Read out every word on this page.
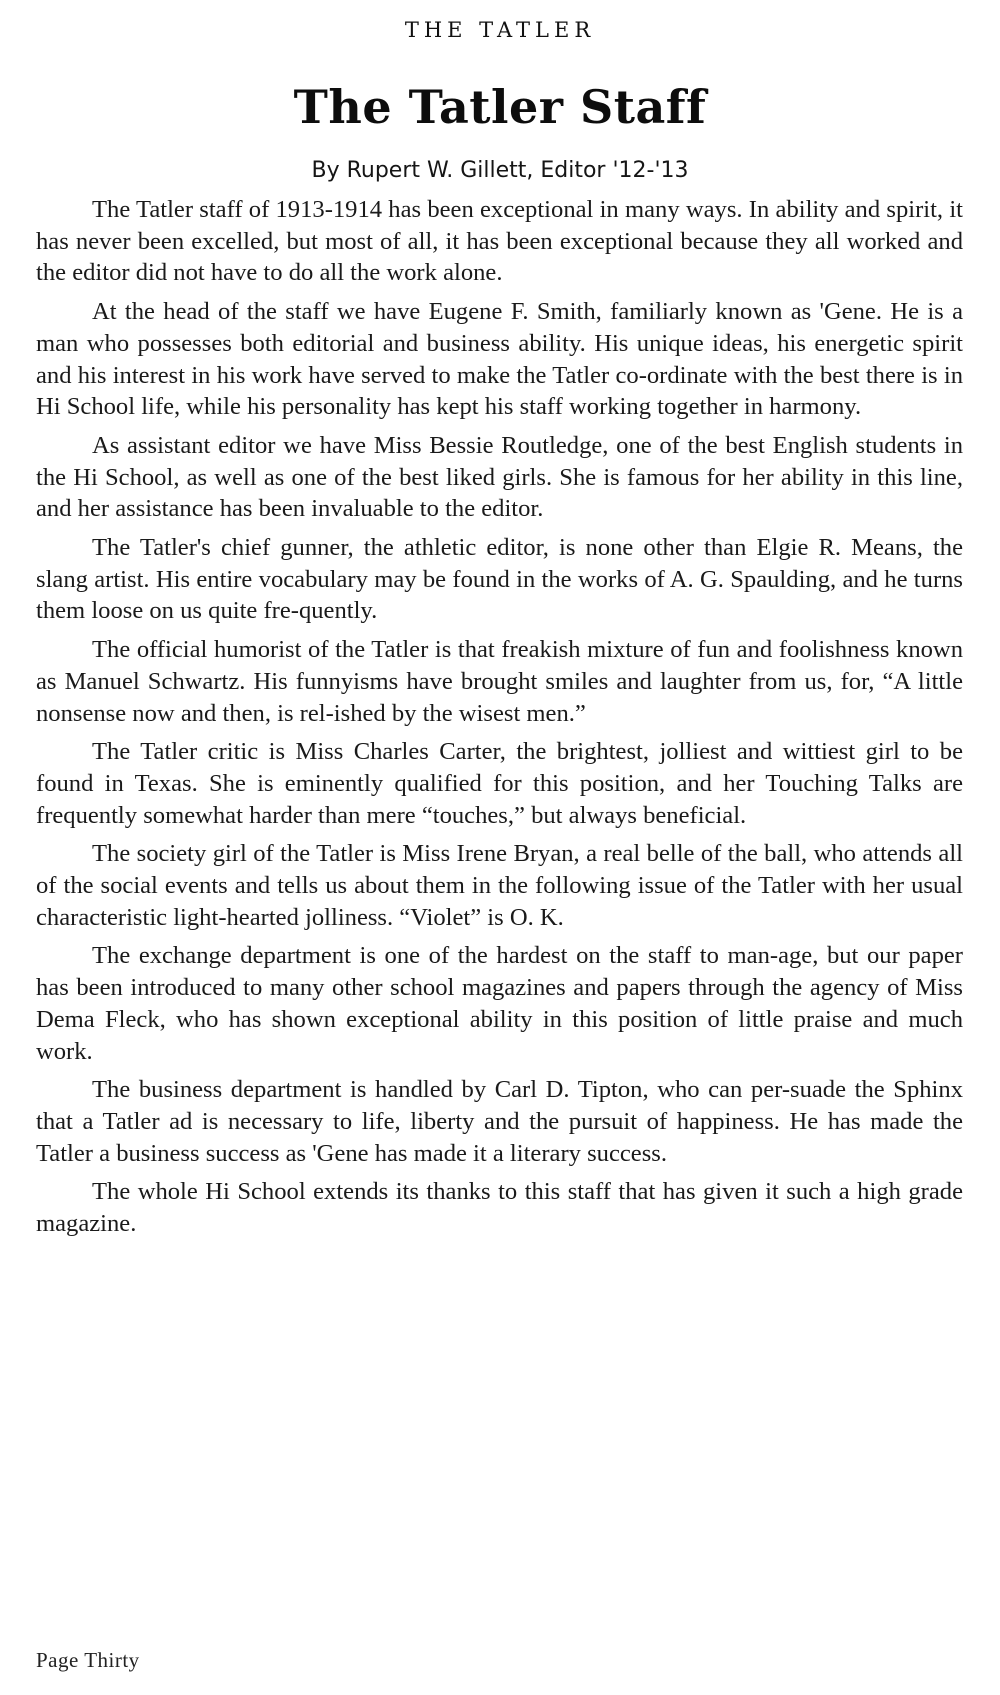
THE TATLER
The Tatler Staff
By Rupert W. Gillett, Editor '12-'13

The Tatler staff of 1913-1914 has been exceptional in many ways. In ability and spirit, it has never been excelled, but most of all, it has been exceptional because they all worked and the editor did not have to do all the work alone.

At the head of the staff we have Eugene F. Smith, familiarly known as 'Gene. He is a man who possesses both editorial and business ability. His unique ideas, his energetic spirit and his interest in his work have served to make the Tatler co-ordinate with the best there is in Hi School life, while his personality has kept his staff working together in harmony.

As assistant editor we have Miss Bessie Routledge, one of the best English students in the Hi School, as well as one of the best liked girls. She is famous for her ability in this line, and her assistance has been invaluable to the editor.

The Tatler's chief gunner, the athletic editor, is none other than Elgie R. Means, the slang artist. His entire vocabulary may be found in the works of A. G. Spaulding, and he turns them loose on us quite fre-quently.

The official humorist of the Tatler is that freakish mixture of fun and foolishness known as Manuel Schwartz. His funnyisms have brought smiles and laughter from us, for, “A little nonsense now and then, is rel-ished by the wisest men.”

The Tatler critic is Miss Charles Carter, the brightest, jolliest and wittiest girl to be found in Texas. She is eminently qualified for this position, and her Touching Talks are frequently somewhat harder than mere “touches,” but always beneficial.

The society girl of the Tatler is Miss Irene Bryan, a real belle of the ball, who attends all of the social events and tells us about them in the following issue of the Tatler with her usual characteristic light-hearted jolliness. “Violet” is O. K.

The exchange department is one of the hardest on the staff to man-age, but our paper has been introduced to many other school magazines and papers through the agency of Miss Dema Fleck, who has shown exceptional ability in this position of little praise and much work.

The business department is handled by Carl D. Tipton, who can per-suade the Sphinx that a Tatler ad is necessary to life, liberty and the pursuit of happiness. He has made the Tatler a business success as 'Gene has made it a literary success.

The whole Hi School extends its thanks to this staff that has given it such a high grade magazine.

Page Thirty
